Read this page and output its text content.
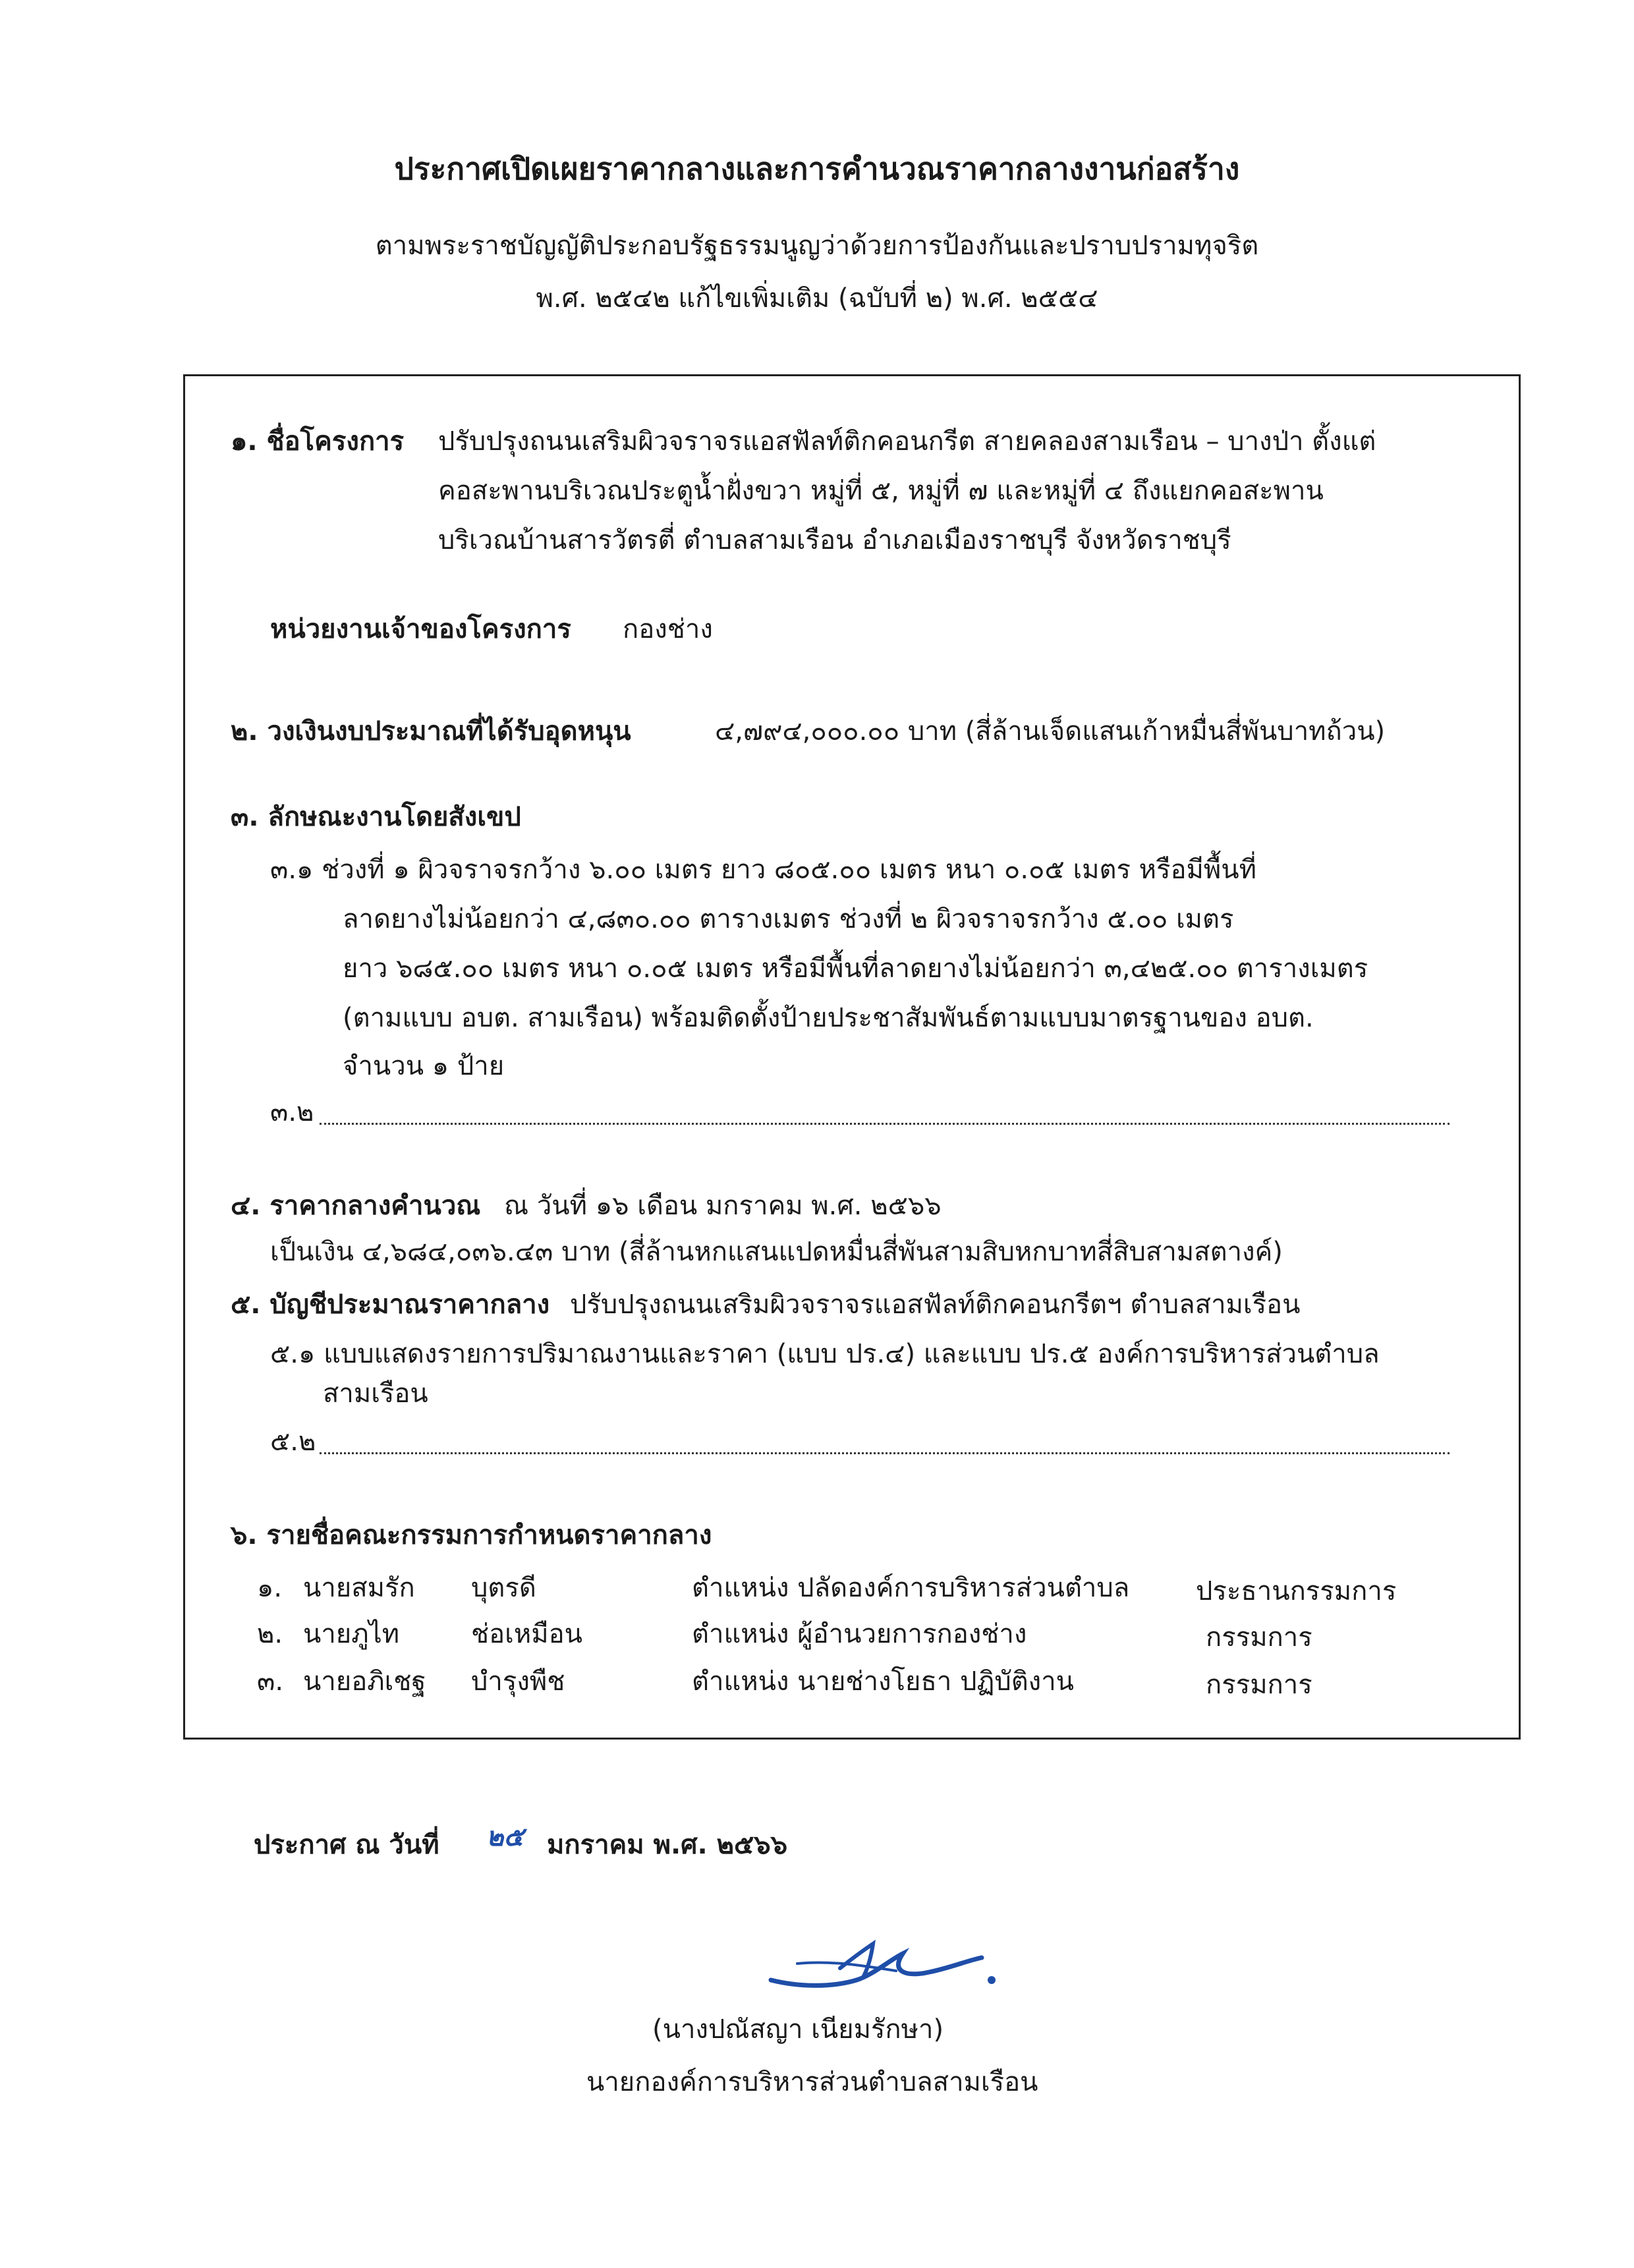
ประกาศเปิดเผยราคากลางและการคำนวณราคากลางงานก่อสร้าง
ตามพระราชบัญญัติประกอบรัฐธรรมนูญว่าด้วยการป้องกันและปราบปรามทุจริต
พ.ศ. ๒๕๔๒ แก้ไขเพิ่มเติม (ฉบับที่ ๒) พ.ศ. ๒๕๕๔
๑. ชื่อโครงการ ปรับปรุงถนนเสริมผิวจราจรแอสฟัลท์ติกคอนกรีต สายคลองสามเรือน – บางป่า ตั้งแต่
คอสะพานบริเวณประตูน้ำฝั่งขวา หมู่ที่ ๕, หมู่ที่ ๗ และหมู่ที่ ๔ ถึงแยกคอสะพาน
บริเวณบ้านสารวัตรตี่ ตำบลสามเรือน อำเภอเมืองราชบุรี จังหวัดราชบุรี
หน่วยงานเจ้าของโครงการ กองช่าง
๒. วงเงินงบประมาณที่ได้รับอุดหนุน	๔,๗๙๔,๐๐๐.๐๐ บาท (สี่ล้านเจ็ดแสนเก้าหมื่นสี่พันบาทถ้วน)
๓. ลักษณะงานโดยสังเขป
๓.๑ ช่วงที่ ๑ ผิวจราจรกว้าง ๖.๐๐ เมตร ยาว ๘๐๕.๐๐ เมตร หนา ๐.๐๕ เมตร หรือมีพื้นที่
ลาดยางไม่น้อยกว่า ๔,๘๓๐.๐๐ ตารางเมตร ช่วงที่ ๒ ผิวจราจรกว้าง ๕.๐๐ เมตร
ยาว ๖๘๕.๐๐ เมตร หนา ๐.๐๕ เมตร หรือมีพื้นที่ลาดยางไม่น้อยกว่า ๓,๔๒๕.๐๐ ตารางเมตร
(ตามแบบ อบต. สามเรือน) พร้อมติดตั้งป้ายประชาสัมพันธ์ตามแบบมาตรฐานของ อบต.
จำนวน ๑ ป้าย
๓.๒
๔. ราคากลางคำนวณ ณ วันที่ ๑๖ เดือน มกราคม พ.ศ. ๒๕๖๖
เป็นเงิน ๔,๖๘๔,๐๓๖.๔๓ บาท (สี่ล้านหกแสนแปดหมื่นสี่พันสามสิบหกบาทสี่สิบสามสตางค์)
๕. บัญชีประมาณราคากลาง ปรับปรุงถนนเสริมผิวจราจรแอสฟัลท์ติกคอนกรีตฯ ตำบลสามเรือน
๕.๑ แบบแสดงรายการปริมาณงานและราคา (แบบ ปร.๔) และแบบ ปร.๕ องค์การบริหารส่วนตำบล
สามเรือน
๕.๒
๖. รายชื่อคณะกรรมการกำหนดราคากลาง
๑. นายสมรัก บุตรดี	ตำแหน่ง ปลัดองค์การบริหารส่วนตำบล	ประธานกรรมการ
๒. นายภูไท	ช่อเหมือน	ตำแหน่ง ผู้อำนวยการกองช่าง	กรรมการ
๓. นายอภิเชฐ บำรุงพืช	ตำแหน่ง นายช่างโยธา ปฏิบัติงาน	กรรมการ
ประกาศ ณ วันที่ ๒๕ มกราคม พ.ศ. ๒๕๖๖
(นางปณัสญา เนียมรักษา)
นายกองค์การบริหารส่วนตำบลสามเรือน
